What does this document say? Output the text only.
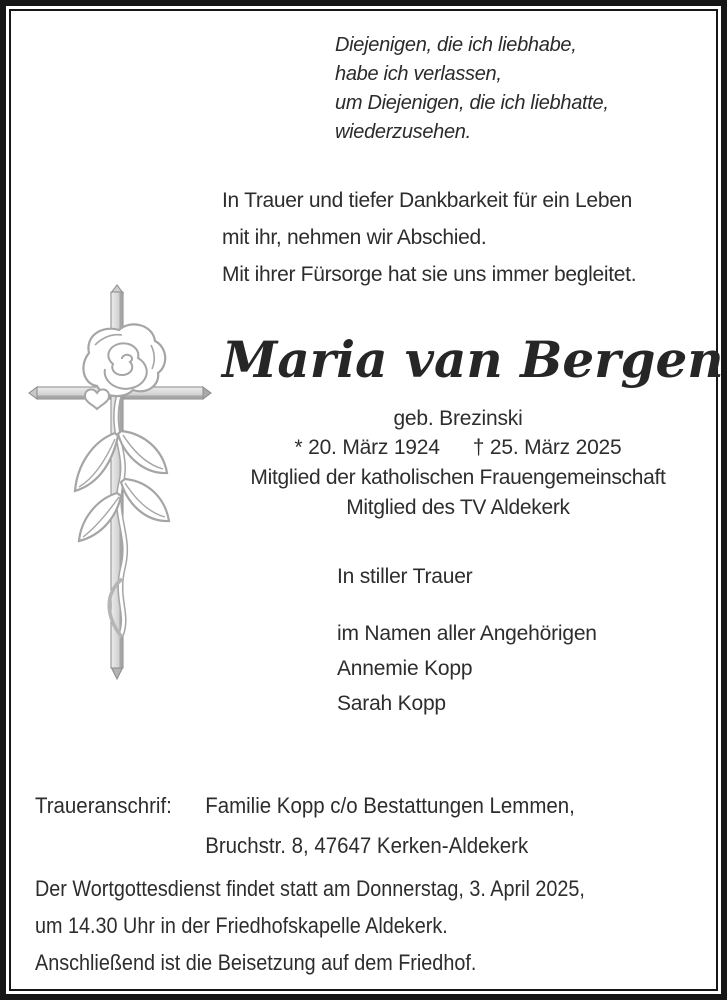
Diejenigen, die ich liebhabe,
habe ich verlassen,
um Diejenigen, die ich liebhatte,
wiederzusehen.
In Trauer und tiefer Dankbarkeit für ein Leben
mit ihr, nehmen wir Abschied.
Mit ihrer Fürsorge hat sie uns immer begleitet.
Maria van Bergen
geb. Brezinski
* 20. März 1924 † 25. März 2025
Mitglied der katholischen Frauengemeinschaft
Mitglied des TV Aldekerk
In stiller Trauer
im Namen aller Angehörigen
Annemie Kopp
Sarah Kopp
Traueranschrif:	Familie Kopp c/o Bestattungen Lemmen,
Bruchstr. 8, 47647 Kerken-Aldekerk
Der Wortgottesdienst findet statt am Donnerstag, 3. April 2025,
um 14.30 Uhr in der Friedhofskapelle Aldekerk.
Anschließend ist die Beisetzung auf dem Friedhof.
